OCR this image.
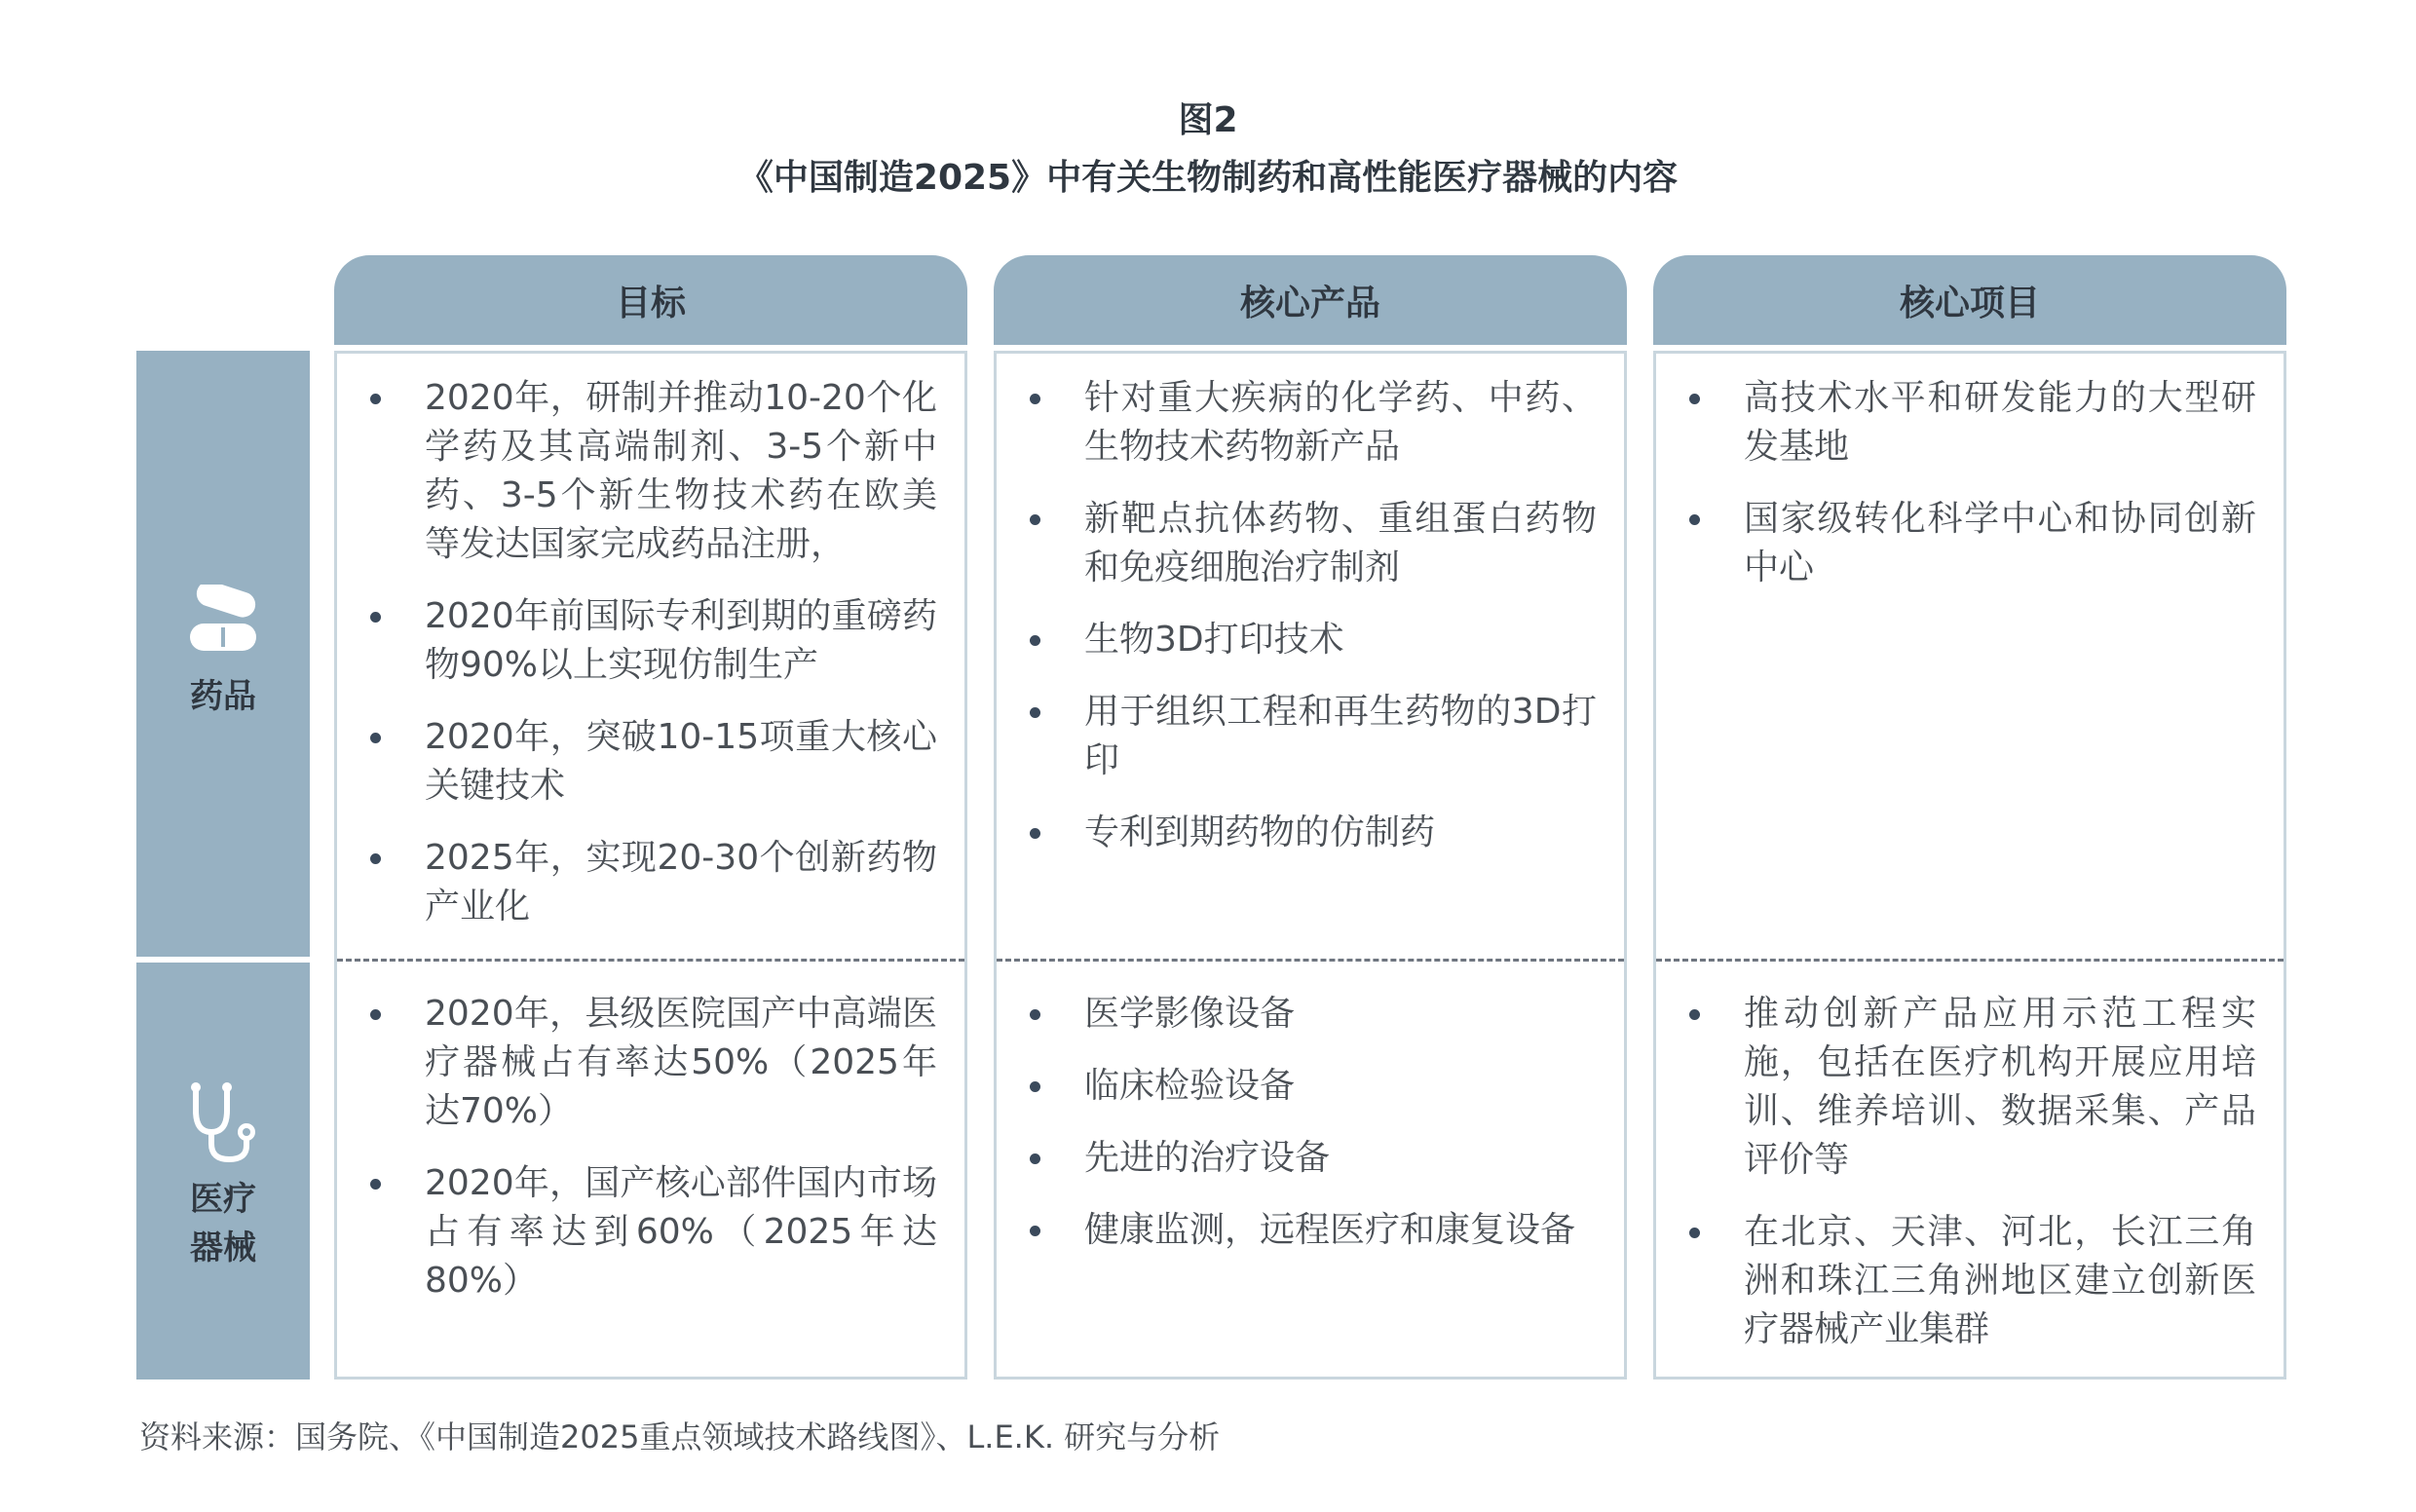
图2
《中国制造2025》中有关生物制药和高性能医疗器械的内容
目标	核心产品	核心项目
药品
医疗
器械
2020年，研制并推动10-20个化学药及其高端制剂、3-5个新中药、3-5个新生物技术药在欧美等发达国家完成药品注册，
2020年前国际专利到期的重磅药物90%以上实现仿制生产
2020年，突破10-15项重大核心关键技术
2025年，实现20-30个创新药物产业化
针对重大疾病的化学药、中药、生物技术药物新产品
新靶点抗体药物、重组蛋白药物和免疫细胞治疗制剂
生物3D打印技术
用于组织工程和再生药物的3D打印
专利到期药物的仿制药
高技术水平和研发能力的大型研发基地
国家级转化科学中心和协同创新中心
2020年，县级医院国产中高端医疗器械占有率达50%（2025年达70%）
2020年，国产核心部件国内市场占有率达到60%（2025年达80%）
医学影像设备
临床检验设备
先进的治疗设备
健康监测，远程医疗和康复设备
推动创新产品应用示范工程实施，包括在医疗机构开展应用培训、维养培训、数据采集、产品评价等
在北京、天津、河北，长江三角洲和珠江三角洲地区建立创新医疗器械产业集群
资料来源：国务院、《中国制造2025重点领域技术路线图》、L.E.K. 研究与分析
